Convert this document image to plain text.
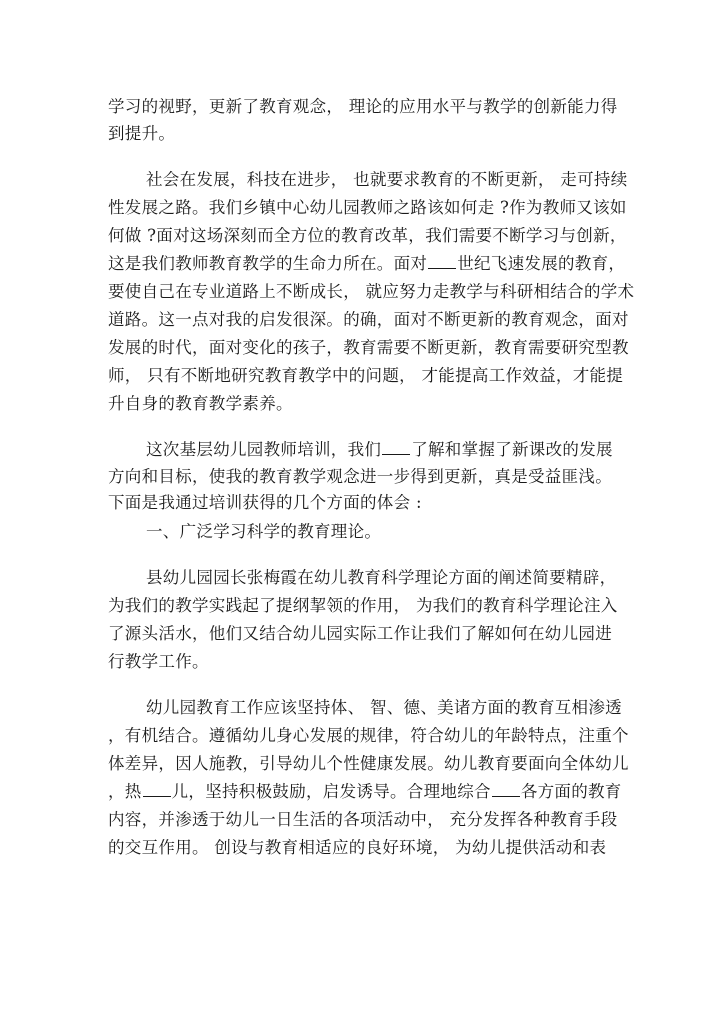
学习的视野，更新了教育观念， 理论的应用水平与教学的创新能力得
到提升。
社会在发展，科技在进步， 也就要求教育的不断更新， 走可持续
性发展之路。我们乡镇中心幼儿园教师之路该如何走 ?作为教师又该如
何做 ?面对这场深刻而全方位的教育改革，我们需要不断学习与创新，
这是我们教师教育教学的生命力所在。面对 世纪飞速发展的教育，
要使自己在专业道路上不断成长， 就应努力走教学与科研相结合的学术
道路。这一点对我的启发很深。的确，面对不断更新的教育观念，面对
发展的时代，面对变化的孩子，教育需要不断更新，教育需要研究型教
师， 只有不断地研究教育教学中的问题， 才能提高工作效益，才能提
升自身的教育教学素养。
这次基层幼儿园教师培训，我们 了解和掌握了新课改的发展
方向和目标，使我的教育教学观念进一步得到更新，真是受益匪浅。
下面是我通过培训获得的几个方面的体会 :
一、广泛学习科学的教育理论。
县幼儿园园长张梅霞在幼儿教育科学理论方面的阐述简要精辟，
为我们的教学实践起了提纲挈领的作用， 为我们的教育科学理论注入
了源头活水，他们又结合幼儿园实际工作让我们了解如何在幼儿园进
行教学工作。
幼儿园教育工作应该坚持体、 智、德、美诸方面的教育互相渗透
，有机结合。遵循幼儿身心发展的规律，符合幼儿的年龄特点，注重个
体差异，因人施教，引导幼儿个性健康发展。幼儿教育要面向全体幼儿
，热 儿，坚持积极鼓励，启发诱导。合理地综合 各方面的教育
内容，并渗透于幼儿一日生活的各项活动中， 充分发挥各种教育手段
的交互作用。 创设与教育相适应的良好环境， 为幼儿提供活动和表
